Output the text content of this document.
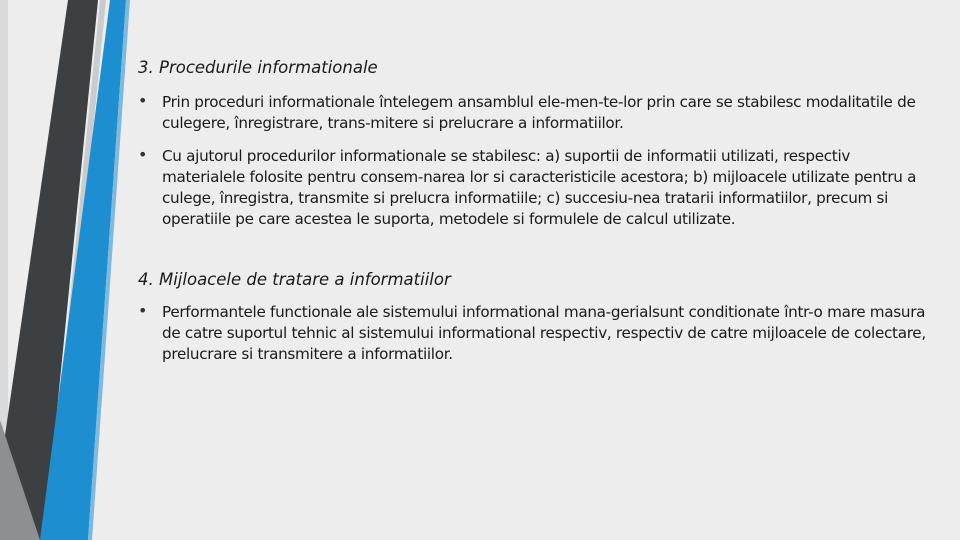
3. Procedurile informationale

• Prin proceduri informationale întelegem ansamblul ele-men-te-lor prin care se stabilesc modalitatile de culegere, înregistrare, trans-mitere si prelucrare a informatiilor.
• Cu ajutorul procedurilor informationale se stabilesc: a) suportii de informatii utilizati, respectiv materialele folosite pentru consem-narea lor si caracteristicile acestora; b) mijloacele utilizate pentru a culege, înregistra, transmite si prelucra informatiile; c) succesiu-nea tratarii informatiilor, precum si operatiile pe care acestea le suporta, metodele si formulele de calcul utilizate.

4. Mijloacele de tratare a informatiilor

• Performantele functionale ale sistemului informational mana-gerialsunt conditionate într-o mare masura de catre suportul tehnic al sistemului informational respectiv, respectiv de catre mijloacele de colectare, prelucrare si transmitere a informatiilor.
